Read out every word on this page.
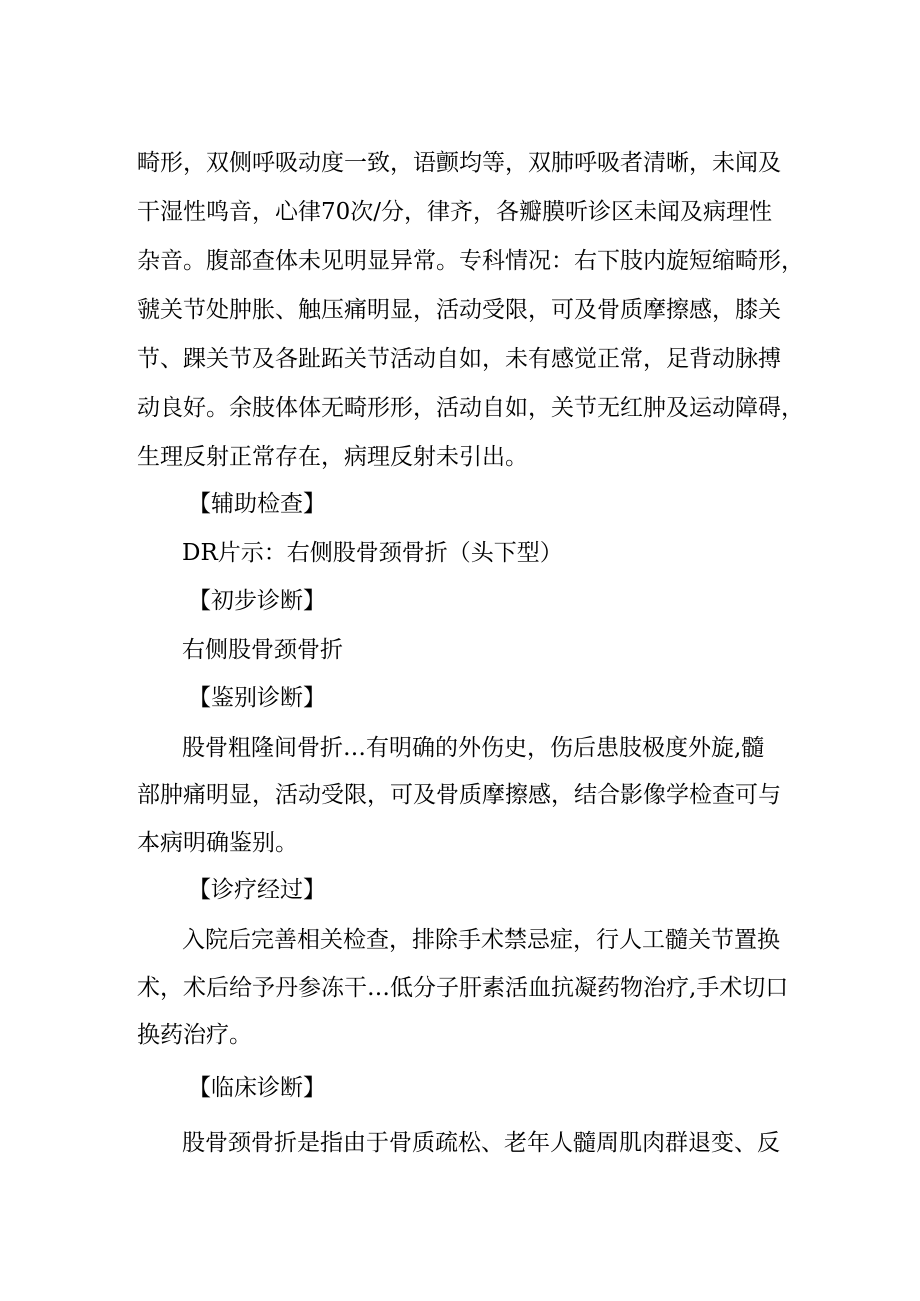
畸形，双侧呼吸动度一致，语颤均等，双肺呼吸者清晰，未闻及
干湿性鸣音，心律70次/分，律齐，各瓣膜听诊区未闻及病理性
杂音。腹部查体未见明显异常。专科情况：右下肢内旋短缩畸形，
虢关节处肿胀、触压痛明显，活动受限，可及骨质摩擦感，膝关
节、踝关节及各趾跖关节活动自如，未有感觉正常，足背动脉搏
动良好。余肢体体无畸形形，活动自如，关节无红肿及运动障碍，
生理反射正常存在，病理反射未引出。
【辅助检查】
DR片示：右侧股骨颈骨折（头下型）
【初步诊断】
右侧股骨颈骨折
【鉴别诊断】
股骨粗隆间骨折…有明确的外伤史，伤后患肢极度外旋,髓
部肿痛明显，活动受限，可及骨质摩擦感，结合影像学检查可与
本病明确鉴别。
【诊疗经过】
入院后完善相关检查，排除手术禁忌症，行人工髓关节置换
术，术后给予丹参冻干…低分子肝素活血抗凝药物治疗,手术切口
换药治疗。
【临床诊断】
股骨颈骨折是指由于骨质疏松、老年人髓周肌肉群退变、反
